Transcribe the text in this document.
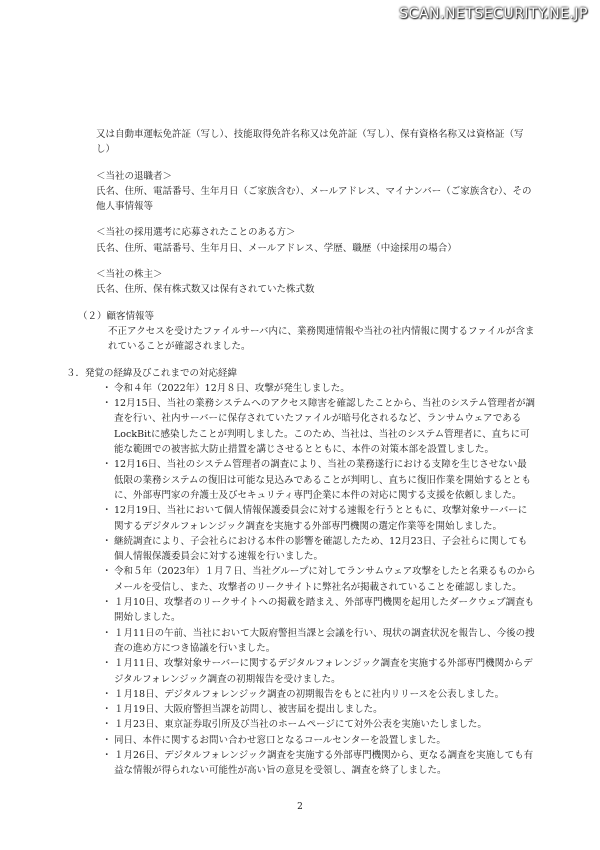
SCAN.NETSECURITY.NE.JP

又は自動車運転免許証（写し）、技能取得免許名称又は免許証（写し）、保有資格名称又は資格証（写し）

＜当社の退職者＞

氏名、住所、電話番号、生年月日（ご家族含む）、メールアドレス、マイナンバー（ご家族含む）、その他人事情報等

＜当社の採用選考に応募されたことのある方＞

氏名、住所、電話番号、生年月日、メールアドレス、学歴、職歴（中途採用の場合）

＜当社の株主＞

氏名、住所、保有株式数又は保有されていた株式数

（２）顧客情報等

不正アクセスを受けたファイルサーバ内に、業務関連情報や当社の社内情報に関するファイルが含まれていることが確認されました。

３．発覚の経緯及びこれまでの対応経緯

・ 令和４年（2022年）12月８日、攻撃が発生しました。
・ 12月15日、当社の業務システムへのアクセス障害を確認したことから、当社のシステム管理者が調査を行い、社内サーバーに保存されていたファイルが暗号化されるなど、ランサムウェアであるLockBitに感染したことが判明しました。このため、当社は、当社のシステム管理者に、直ちに可能な範囲での被害拡大防止措置を講じさせるとともに、本件の対策本部を設置しました。
・ 12月16日、当社のシステム管理者の調査により、当社の業務遂行における支障を生じさせない最低限の業務システムの復旧は可能な見込みであることが判明し、直ちに復旧作業を開始するとともに、外部専門家の弁護士及びセキュリティ専門企業に本件の対応に関する支援を依頼しました。
・ 12月19日、当社において個人情報保護委員会に対する速報を行うとともに、攻撃対象サーバーに関するデジタルフォレンジック調査を実施する外部専門機関の選定作業等を開始しました。
・ 継続調査により、子会社らにおける本件の影響を確認したため、12月23日、子会社らに関しても個人情報保護委員会に対する速報を行いました。
・ 令和５年（2023年）１月７日、当社グループに対してランサムウェア攻撃をしたと名乗るものからメールを受信し、また、攻撃者のリークサイトに弊社名が掲載されていることを確認しました。
・ １月10日、攻撃者のリークサイトへの掲載を踏まえ、外部専門機関を起用したダークウェブ調査も開始しました。
・ １月11日の午前、当社において大阪府警担当課と会議を行い、現状の調査状況を報告し、今後の捜査の進め方につき協議を行いました。
・ １月11日、攻撃対象サーバーに関するデジタルフォレンジック調査を実施する外部専門機関からデジタルフォレンジック調査の初期報告を受けました。
・ １月18日、デジタルフォレンジック調査の初期報告をもとに社内リリースを公表しました。
・ １月19日、大阪府警担当課を訪問し、被害届を提出しました。
・ １月23日、東京証券取引所及び当社のホームページにて対外公表を実施いたしました。
・ 同日、本件に関するお問い合わせ窓口となるコールセンターを設置しました。
・ １月26日、デジタルフォレンジック調査を実施する外部専門機関から、更なる調査を実施しても有益な情報が得られない可能性が高い旨の意見を受領し、調査を終了しました。
2
